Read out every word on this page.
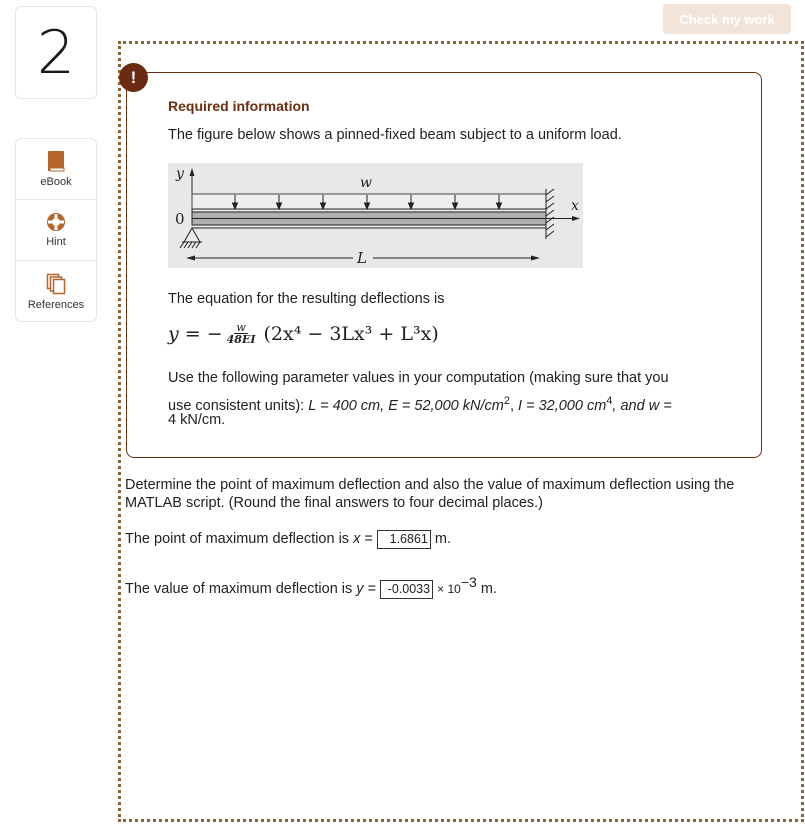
2	Check my work
eBook
Hint
References
!
Required information
The figure below shows a pinned-fixed beam subject to a uniform load.
y
w
0
x
L
The equation for the resulting deflections is
y = − $\frac{w}{48EI} (2x^4 - 3Lx^3 + L^3x)$
Use the following parameter values in your computation (making sure that you
use consistent units): L = 400 cm, E = 52,000 $kN/cm^2$, I = 32,000 $cm^4$, and w =
4 kN/cm.
Determine the point of maximum deflection and also the value of maximum deflection using the
MATLAB script. (Round the final answers to four decimal places.)
The point of maximum deflection is x = 1.6861 m.
The value of maximum deflection is $y = -0.0033 \times 10^{-3}$ m.
